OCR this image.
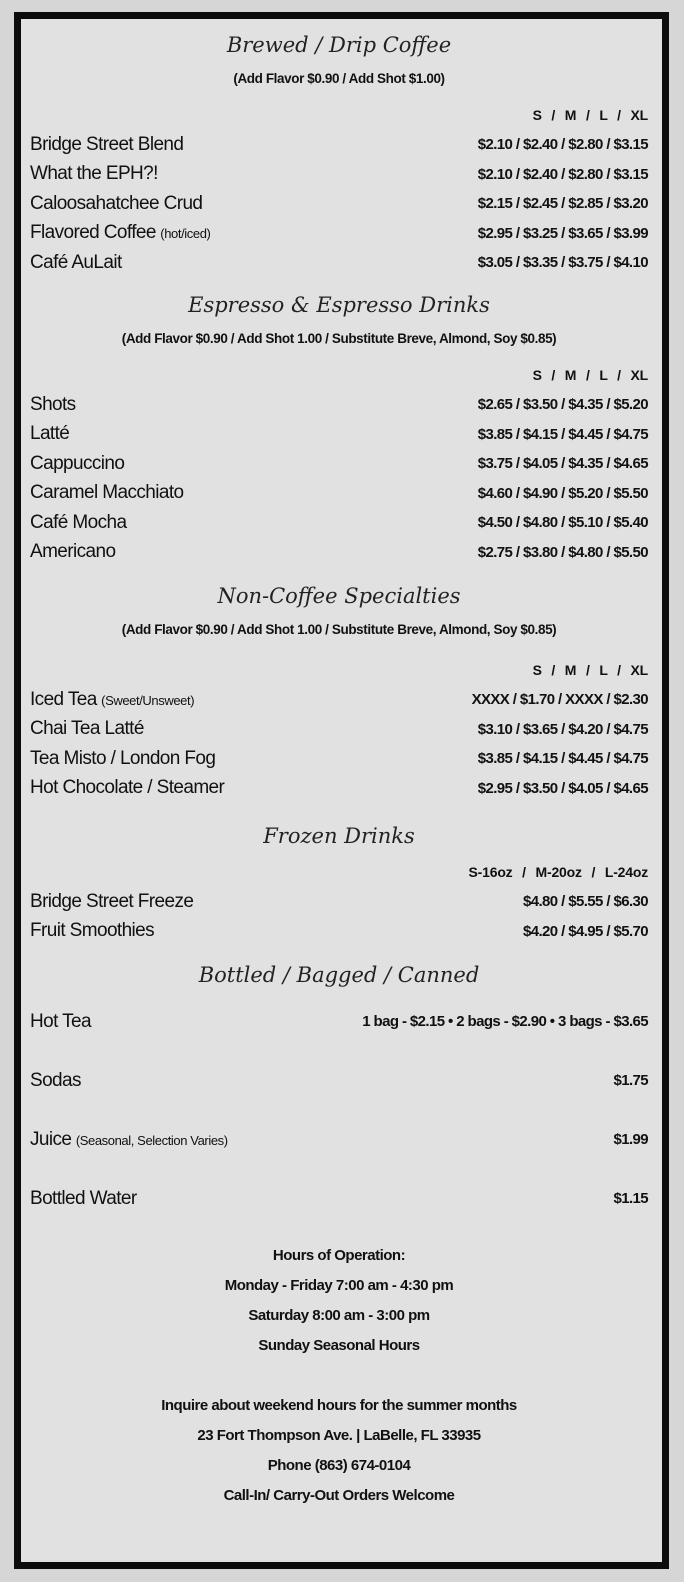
Brewed / Drip Coffee
(Add Flavor $0.90 / Add Shot $1.00)
S / M / L / XL
Bridge Street Blend	$2.10 / $2.40 / $2.80 / $3.15
What the EPH?!	$2.10 / $2.40 / $2.80 / $3.15
Caloosahatchee Crud	$2.15 / $2.45 / $2.85 / $3.20
Flavored Coffee (hot/iced)	$2.95 / $3.25 / $3.65 / $3.99
Café AuLait	$3.05 / $3.35 / $3.75 / $4.10
Espresso & Espresso Drinks
(Add Flavor $0.90 / Add Shot 1.00 / Substitute Breve, Almond, Soy $0.85)
S / M / L / XL
Shots	$2.65 / $3.50 / $4.35 / $5.20
Latté	$3.85 / $4.15 / $4.45 / $4.75
Cappuccino	$3.75 / $4.05 / $4.35 / $4.65
Caramel Macchiato	$4.60 / $4.90 / $5.20 / $5.50
Café Mocha	$4.50 / $4.80 / $5.10 / $5.40
Americano	$2.75 / $3.80 / $4.80 / $5.50
Non-Coffee Specialties
(Add Flavor $0.90 / Add Shot 1.00 / Substitute Breve, Almond, Soy $0.85)
S / M / L / XL
Iced Tea (Sweet/Unsweet)	XXXX / $1.70 / XXXX / $2.30
Chai Tea Latté	$3.10 / $3.65 / $4.20 / $4.75
Tea Misto / London Fog	$3.85 / $4.15 / $4.45 / $4.75
Hot Chocolate / Steamer	$2.95 / $3.50 / $4.05 / $4.65
Frozen Drinks
S-16oz / M-20oz / L-24oz
Bridge Street Freeze	$4.80 / $5.55 / $6.30
Fruit Smoothies	$4.20 / $4.95 / $5.70
Bottled / Bagged / Canned
Hot Tea	1 bag - $2.15 • 2 bags - $2.90 • 3 bags - $3.65
Sodas	$1.75
Juice (Seasonal, Selection Varies)	$1.99
Bottled Water	$1.15
Hours of Operation:
Monday - Friday 7:00 am - 4:30 pm
Saturday 8:00 am - 3:00 pm
Sunday Seasonal Hours
Inquire about weekend hours for the summer months
23 Fort Thompson Ave. | LaBelle, FL 33935
Phone (863) 674-0104
Call-In/ Carry-Out Orders Welcome
